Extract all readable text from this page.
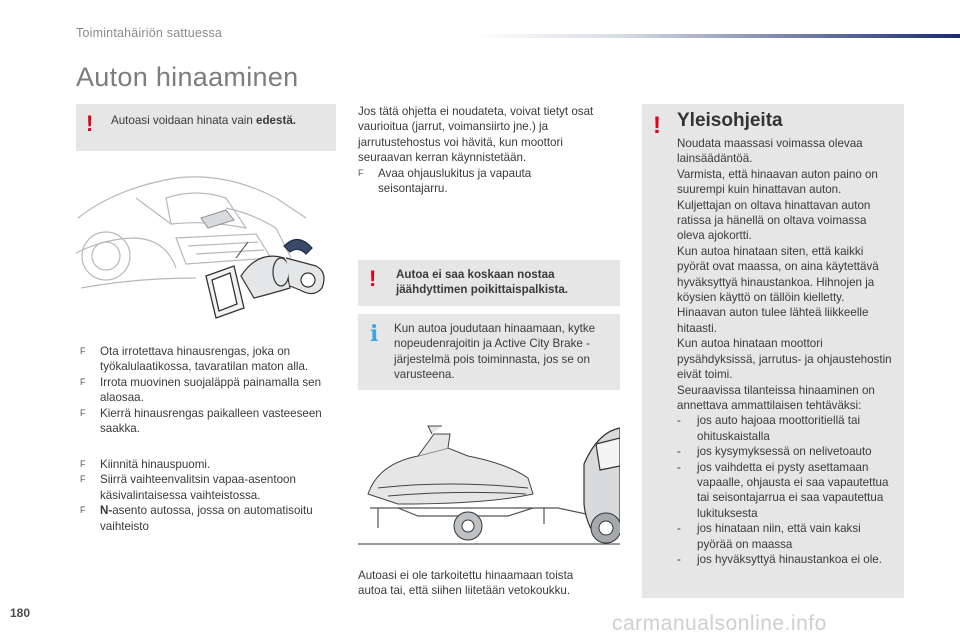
Toimintahäiriön sattuessa
Auton hinaaminen
! Autoasi voidaan hinata vain edestä.
F Ota irrotettava hinausrengas, joka on työkalulaatikossa, tavaratilan maton alla.
F Irrota muovinen suojaläppä painamalla sen alaosaa.
F Kierrä hinausrengas paikalleen vasteeseen saakka.
F Kiinnitä hinauspuomi.
F Siirrä vaihteenvalitsin vapaa-asentoon käsivalintaisessa vaihteistossa.
F N-asento autossa, jossa on automatisoitu vaihteisto

Jos tätä ohjetta ei noudateta, voivat tietyt osat vaurioitua (jarrut, voimansiirto jne.) ja jarrutustehostus voi hävitä, kun moottori seuraavan kerran käynnistetään.

F Avaa ohjauslukitus ja vapauta seisontajarru.
! Autoa ei saa koskaan nostaa jäähdyttimen poikittaispalkista.
i Kun autoa joudutaan hinaamaan, kytke nopeudenrajoitin ja Active City Brake -järjestelmä pois toiminnasta, jos se on varusteena.
Autoasi ei ole tarkoitettu hinaamaan toista autoa tai, että siihen liitetään vetokoukku.
! Yleisohjeita

Noudata maassasi voimassa olevaa lainsäädäntöä.
Varmista, että hinaavan auton paino on suurempi kuin hinattavan auton.
Kuljettajan on oltava hinattavan auton ratissa ja hänellä on oltava voimassa oleva ajokortti.
Kun autoa hinataan siten, että kaikki pyörät ovat maassa, on aina käytettävä hyväksyttyä hinaustankoa. Hihnojen ja köysien käyttö on tällöin kielletty.
Hinaavan auton tulee lähteä liikkeelle hitaasti.
Kun autoa hinataan moottori pysähdyksissä, jarrutus- ja ohjaustehostin eivät toimi.
Seuraavissa tilanteissa hinaaminen on annettava ammattilaisen tehtäväksi:

- jos auto hajoaa moottoritiellä tai ohituskaistalla
- jos kysymyksessä on nelivetoauto
- jos vaihdetta ei pysty asettamaan vapaalle, ohjausta ei saa vapautettua tai seisontajarrua ei saa vapautettua lukituksesta
- jos hinataan niin, että vain kaksi pyörää on maassa
- jos hyväksyttyä hinaustankoa ei ole.
180	carmanualsonline.info
